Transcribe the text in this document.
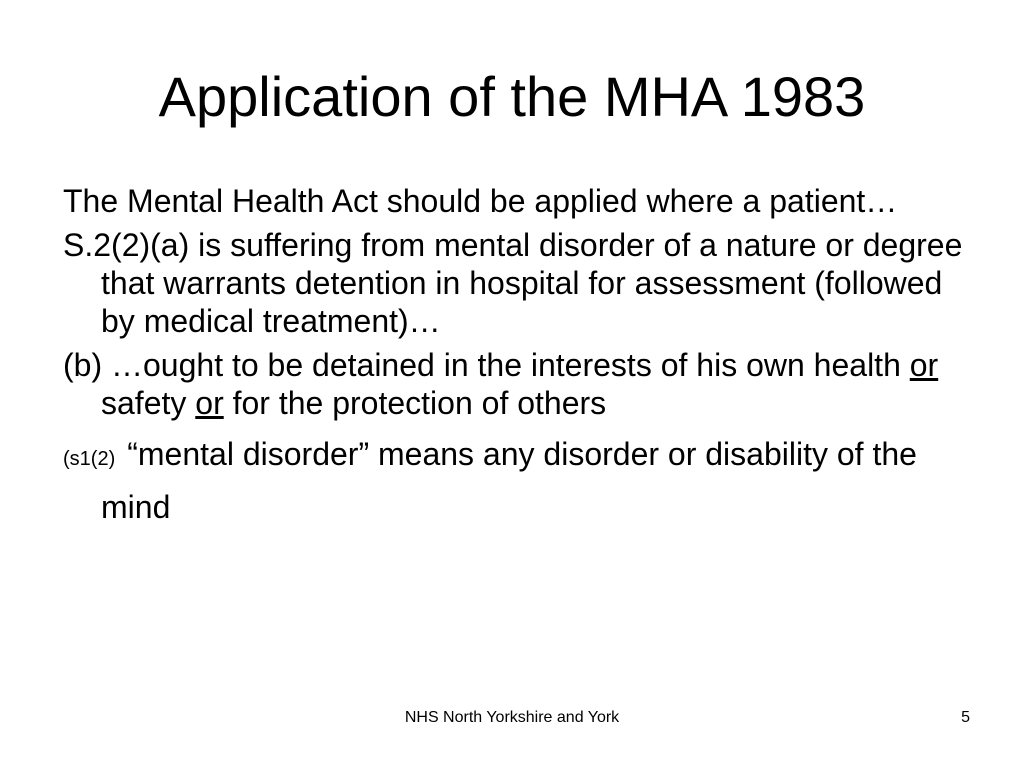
Application of the MHA 1983
The Mental Health Act should be applied where a patient…
S.2(2)(a) is suffering from mental disorder of a nature or degree that warrants detention in hospital for assessment (followed by medical treatment)…
(b) …ought to be detained in the interests of his own health or safety or for the protection of others
(s1(2) “mental disorder” means any disorder or disability of the mind
NHS North Yorkshire and York	5
